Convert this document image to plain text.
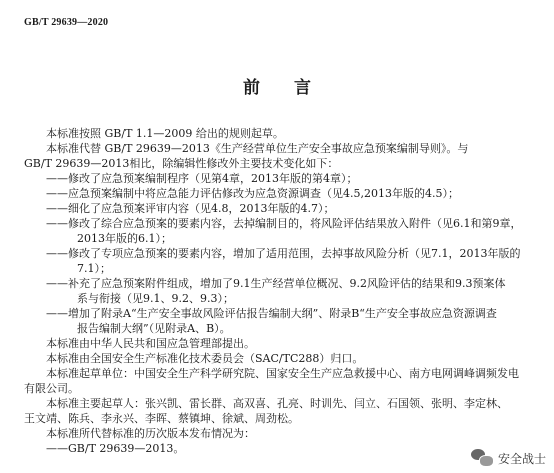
GB/T 29639—2020
前 言

本标准按照 GB/T 1.1—2009 给出的规则起草。

本标准代替 GB/T 29639—2013《生产经营单位生产安全事故应急预案编制导则》。与

GB/T 29639—2013相比，除编辑性修改外主要技术变化如下：

——修改了应急预案编制程序（见第4章，2013年版的第4章）；

——应急预案编制中将应急能力评估修改为应急资源调查（见4.5,2013年版的4.5）；

——细化了应急预案评审内容（见4.8，2013年版的4.7）；

——修改了综合应急预案的要素内容，去掉编制目的，将风险评估结果放入附件（见6.1和第9章，

2013年版的6.1）；

——修改了专项应急预案的要素内容，增加了适用范围，去掉事故风险分析（见7.1，2013年版的

7.1）；

——补充了应急预案附件组成，增加了9.1生产经营单位概况、9.2风险评估的结果和9.3预案体

系与衔接（见9.1、9.2、9.3）；

——增加了附录A“生产安全事故风险评估报告编制大纲”、附录B“生产安全事故应急资源调查

报告编制大纲”（见附录A、B）。

本标准由中华人民共和国应急管理部提出。

本标准由全国安全生产标准化技术委员会（SAC/TC288）归口。

本标准起草单位：中国安全生产科学研究院、国家安全生产应急救援中心、南方电网调峰调频发电

有限公司。

本标准主要起草人：张兴凯、雷长群、高双喜、孔亮、时训先、闫立、石国领、张明、李定林、

王文靖、陈兵、李永兴、李晖、蔡镇坤、徐斌、周劲松。

本标准所代替标准的历次版本发布情况为：

——GB/T 29639—2013。

安全战士
